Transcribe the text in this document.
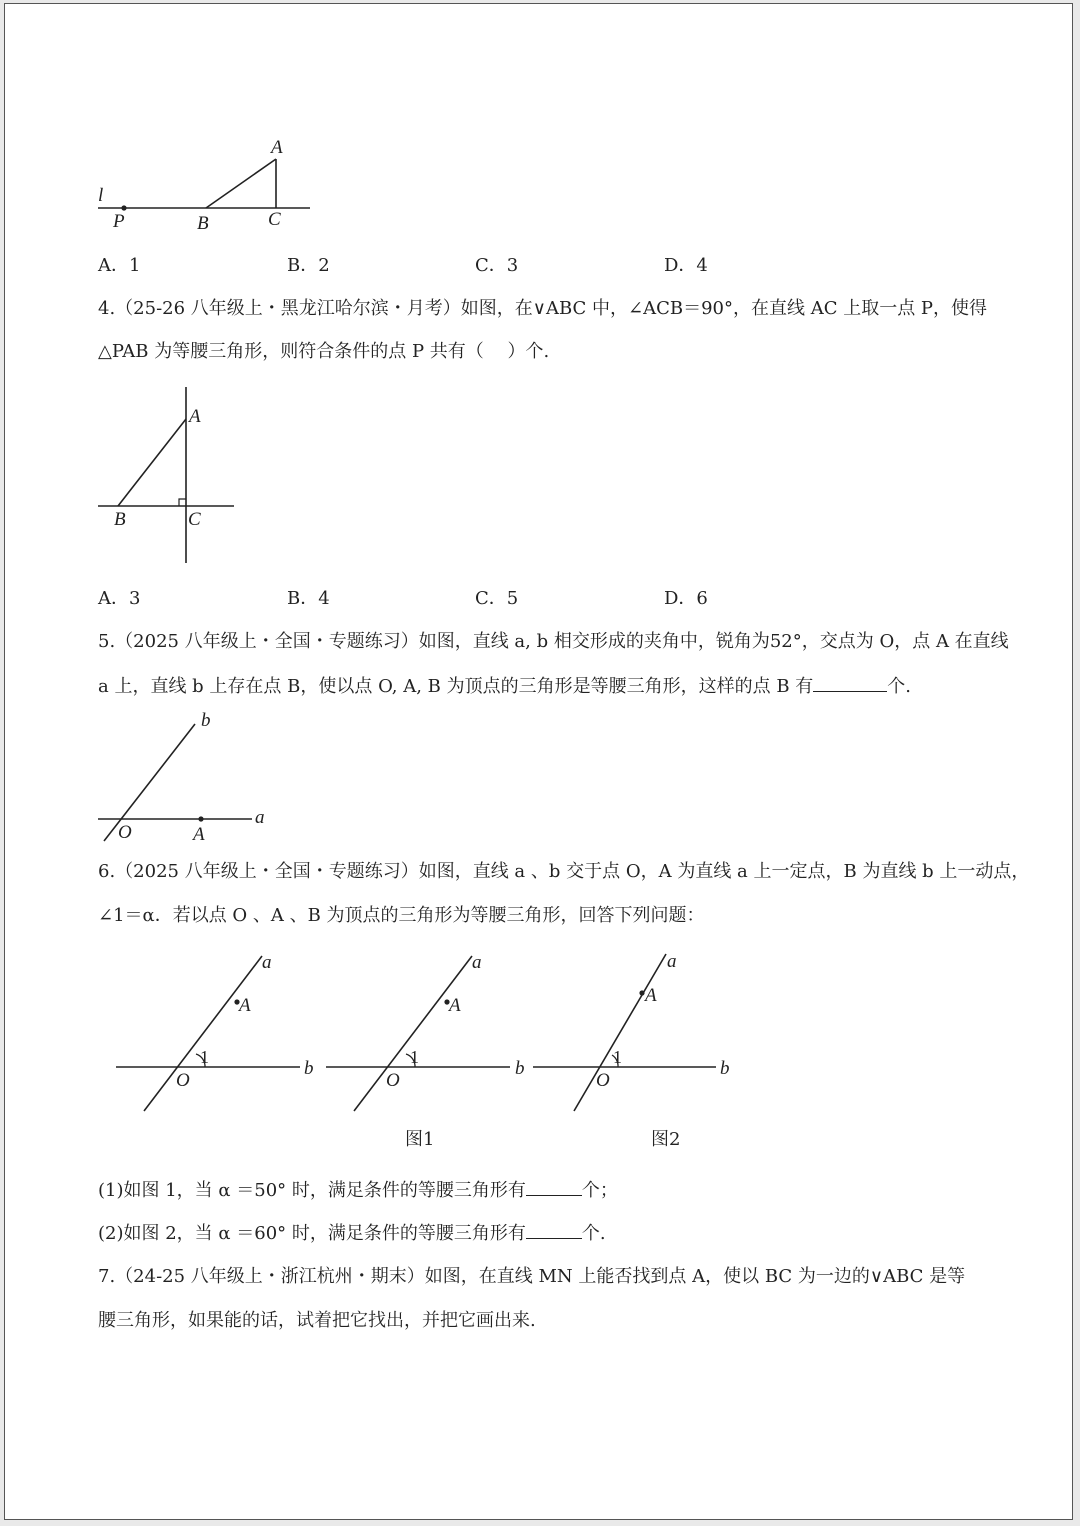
l
P	B	C
A
A．1	B．2	C．3	D．4
4.（25-26 八年级上・黑龙江哈尔滨・月考）如图，在∨ABC 中，∠ACB＝90°，在直线 AC 上取一点 P，使得
△PAB 为等腰三角形，则符合条件的点 P 共有（　 ）个.
A
B	C
A．3	B．4	C．5	D．6
5.（2025 八年级上・全国・专题练习）如图，直线 a, b 相交形成的夹角中，锐角为52°，交点为 O，点 A 在直线
a 上，直线 b 上存在点 B，使以点 O, A, B 为顶点的三角形是等腰三角形，这样的点 B 有	个.
b
a
O	A
6.（2025 八年级上・全国・专题练习）如图，直线 a 、b 交于点 O，A 为直线 a 上一定点，B 为直线 b 上一动点，
∠1＝α．若以点 O 、A 、B 为顶点的三角形为等腰三角形，回答下列问题：
a
A
1
b
O
a
A
1
b
O
a
A
1
b
O
图1	图2
(1)如图 1，当 α ＝50° 时，满足条件的等腰三角形有	个；
(2)如图 2，当 α ＝60° 时，满足条件的等腰三角形有	个.
7.（24-25 八年级上・浙江杭州・期末）如图，在直线 MN 上能否找到点 A，使以 BC 为一边的∨ABC 是等
腰三角形，如果能的话，试着把它找出，并把它画出来.
